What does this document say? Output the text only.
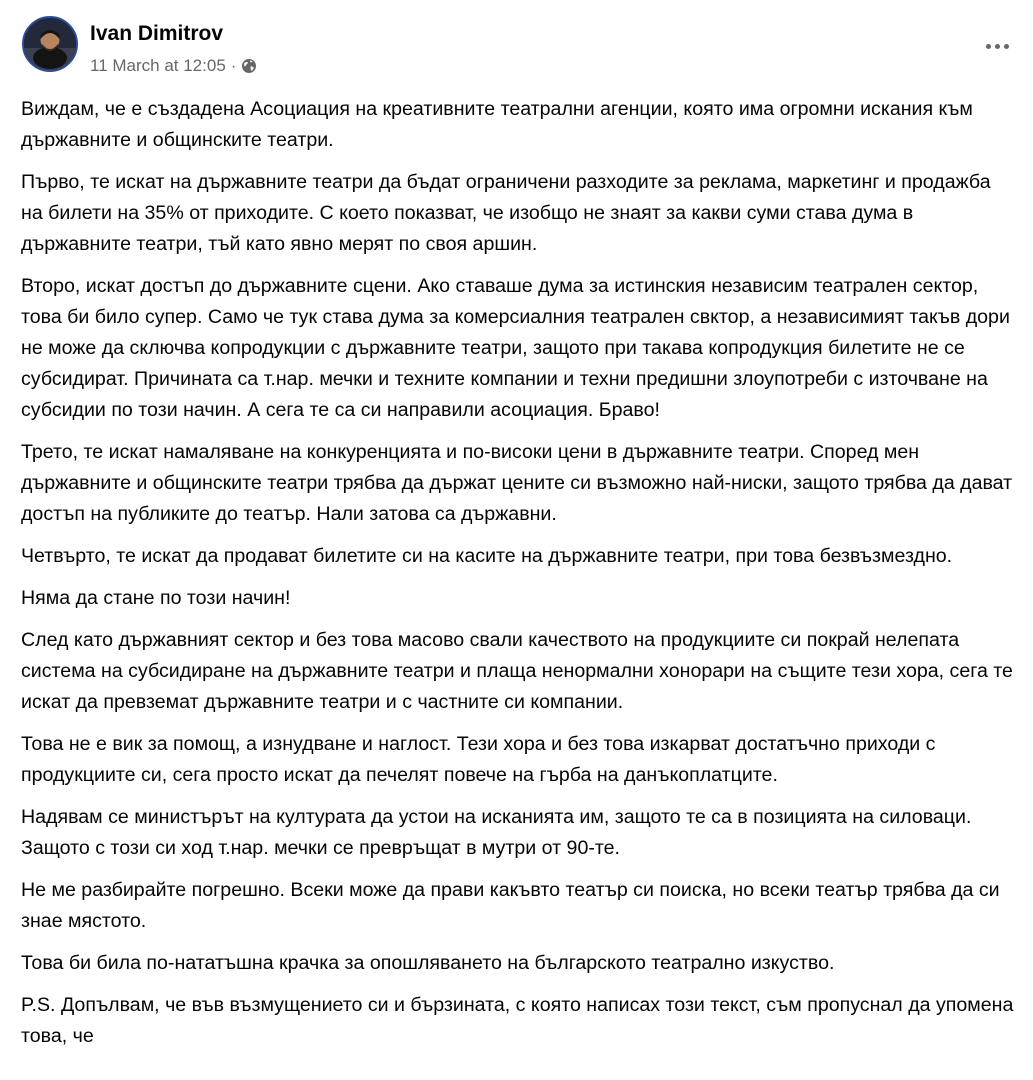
Ivan Dimitrov
11 March at 12:05 ·

Виждам, че е създадена Асоциация на креативните театрални агенции, която има огромни искания към държавните и общинските театри.

Първо, те искат на държавните театри да бъдат ограничени разходите за реклама, маркетинг и продажба на билети на 35% от приходите. С което показват, че изобщо не знаят за какви суми става дума в държавните театри, тъй като явно мерят по своя аршин.

Второ, искат достъп до държавните сцени. Ако ставаше дума за истинския независим театрален сектор, това би било супер. Само че тук става дума за комерсиалния театрален свктор, а независимият такъв дори не може да сключва копродукции с държавните театри, защото при такава копродукция билетите не се субсидират. Причината са т.нар. мечки и техните компании и техни предишни злоупотреби с източване на субсидии по този начин. А сега те са си направили асоциация. Браво!

Трето, те искат намаляване на конкуренцията и по-високи цени в държавните театри. Според мен държавните и общинските театри трябва да държат цените си възможно най-ниски, защото трябва да дават достъп на публиките до театър. Нали затова са държавни.

Четвърто, те искат да продават билетите си на касите на държавните театри, при това безвъзмездно.

Няма да стане по този начин!

След като държавният сектор и без това масово свали качеството на продукциите си покрай нелепата система на субсидиране на държавните театри и плаща ненормални хонорари на същите тези хора, сега те искат да превземат държавните театри и с частните си компании.

Това не е вик за помощ, а изнудване и наглост. Тези хора и без това изкарват достатъчно приходи с продукциите си, сега просто искат да печелят повече на гърба на данъкоплатците.

Надявам се министърът на културата да устои на исканията им, защото те са в позицията на силоваци. Защото с този си ход т.нар. мечки се превръщат в мутри от 90-те.

Не ме разбирайте погрешно. Всеки може да прави какъвто театър си поиска, но всеки театър трябва да си знае мястото.

Това би била по-нататъшна крачка за опошляването на българското театрално изкуство.

P.S. Допълвам, че във възмущението си и бързината, с която написах този текст, съм пропуснал да упомена това, че
